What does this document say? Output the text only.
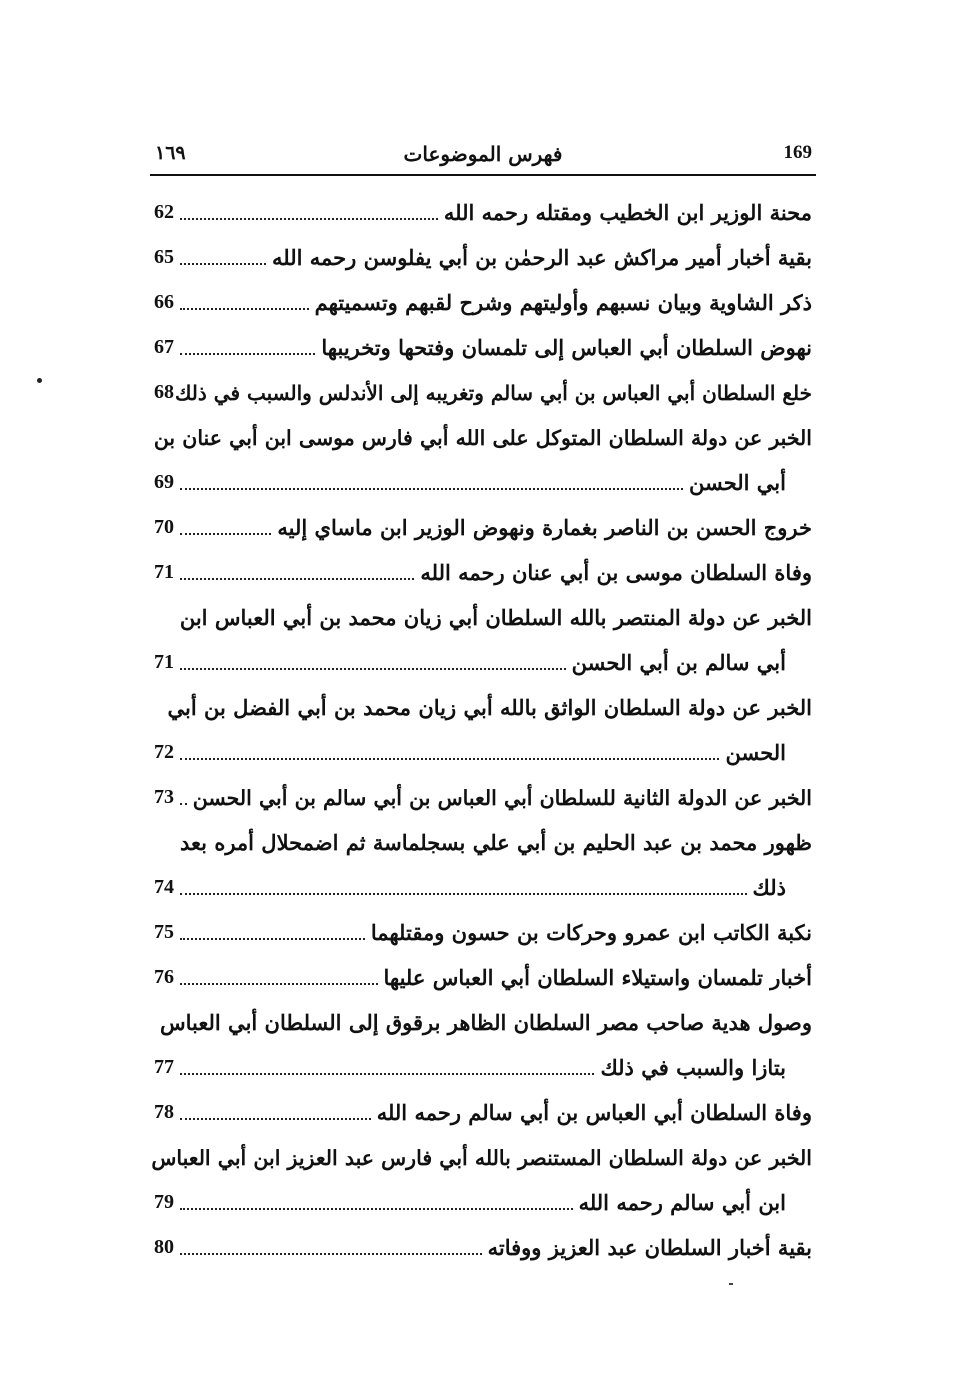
١٦٩	فهرس الموضوعات	169
محنة الوزير ابن الخطيب ومقتله رحمه الله
62
بقية أخبار أمير مراكش عبد الرحمٰن بن أبي يفلوسن رحمه الله
65
ذكر الشاوية وبيان نسبهم وأوليتهم وشرح لقبهم وتسميتهم
66
نهوض السلطان أبي العباس إلى تلمسان وفتحها وتخريبها
67
خلع السلطان أبي العباس بن أبي سالم وتغريبه إلى الأندلس والسبب في ذلك
68
الخبر عن دولة السلطان المتوكل على الله أبي فارس موسى ابن أبي عنان بن
أبي الحسن
69
خروج الحسن بن الناصر بغمارة ونهوض الوزير ابن ماساي إليه
70
وفاة السلطان موسى بن أبي عنان رحمه الله
71
الخبر عن دولة المنتصر بالله السلطان أبي زيان محمد بن أبي العباس ابن
أبي سالم بن أبي الحسن
71
الخبر عن دولة السلطان الواثق بالله أبي زيان محمد بن أبي الفضل بن أبي
الحسن
72
الخبر عن الدولة الثانية للسلطان أبي العباس بن أبي سالم بن أبي الحسن
73
ظهور محمد بن عبد الحليم بن أبي علي بسجلماسة ثم اضمحلال أمره بعد
ذلك
74
نكبة الكاتب ابن عمرو وحركات بن حسون ومقتلهما
75
أخبار تلمسان واستيلاء السلطان أبي العباس عليها
76
وصول هدية صاحب مصر السلطان الظاهر برقوق إلى السلطان أبي العباس
بتازا والسبب في ذلك
77
وفاة السلطان أبي العباس بن أبي سالم رحمه الله
78
الخبر عن دولة السلطان المستنصر بالله أبي فارس عبد العزيز ابن أبي العباس
ابن أبي سالم رحمه الله
79
بقية أخبار السلطان عبد العزيز ووفاته
80
